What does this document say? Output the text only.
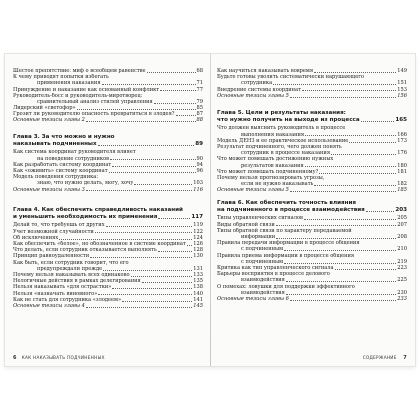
Шестое препятствие: миф о всеобщем равенстве	68
К чему приводят попытки избегать
применения наказания	71
Принуждение и наказание как основанный конфликт	77
Руководитель-босс и руководитель-миротворец:
сравнительный анализ стилей управления	79
Лидерский «светофор»	85
Грозит ли руководителю опасность превратиться в злодея?	87
Основные тезисы главы 2	88
Глава 3. За что можно и нужно
наказывать подчиненных	89
Как система координат руководителя влияет
на поведение сотрудников	90
Как разработать систему координат	94
Как «оживить» систему координат	96
Модель поведения сотрудника:
знаю, что нужно делать, могу, хочу	103
Основные тезисы главы 3	116
Глава 4. Как обеспечить справедливость наказаний
и уменьшить необходимость их применения	117
Делай то, что требуешь от других	119
Учет возможной случайности	122
Об исключениях	124
Как обеспечить «белое», но обозначенное в системе координат 126
Что делать, если сотрудник отказывается выполнять	128
Принцип равноудаленности	130
Как быть, если сотрудник говорит, что его
предупреждали прежде	131
Почему нельзя наказывать всех одинаково	133
Нелогичные действия в рамках делегирования	135
Нельзя наказывать «для острастки»	138
Нельзя «назначать виновного»	140
Как не стать для сотрудника «злодеем»	141
Основные тезисы главы 4	145
6 КАК НАКАЗЫВАТЬ ПОДЧИНЕННЫХ
Как научиться наказывать вовремя	149
Будьте готовы уволить систематически нарушающего
сотрудника	151
Внедрение системы координат	153
Основные тезисы главы 5	156
Глава 5. Цели и результаты наказания:
что нужно получить на выходе из процесса	165
Что должен выяснить руководитель в процессе
выполнения наказания	166
Модель ДЕНЗ и ее практическое использование	173
Результат подчиненного, чего должен понять
сотрудник в процессе наказания	176
Что может помешать достижению нужных
результатов наказания	180
Что может помешать подчиненному?	181
Почему нельзя прогнозировать угрозы,
если не нужно наказывать	182
Основные тезисы главы 5	185
Глава 6. Как обеспечить точность влияния
на подчиненного в процессе взаимодействия	203
Типы управленческих сигналов	205
Виды обратной связи	207
Типы обратной связи по характеру передаваемой
информации	208
Правила передачи информации в процессе общения
с подчиненным	210
Правила приема информации в процессе общения
с подчиненным	219
Критика как тип управленческого сигнала	223
Барьеры восприятия в процессе делового
взаимодействия	225
О помехах: ловушки для поддержки эффективного
взаимодействия	230
Основные тезисы главы 6	233
СОДЕРЖАНИЕ 7
